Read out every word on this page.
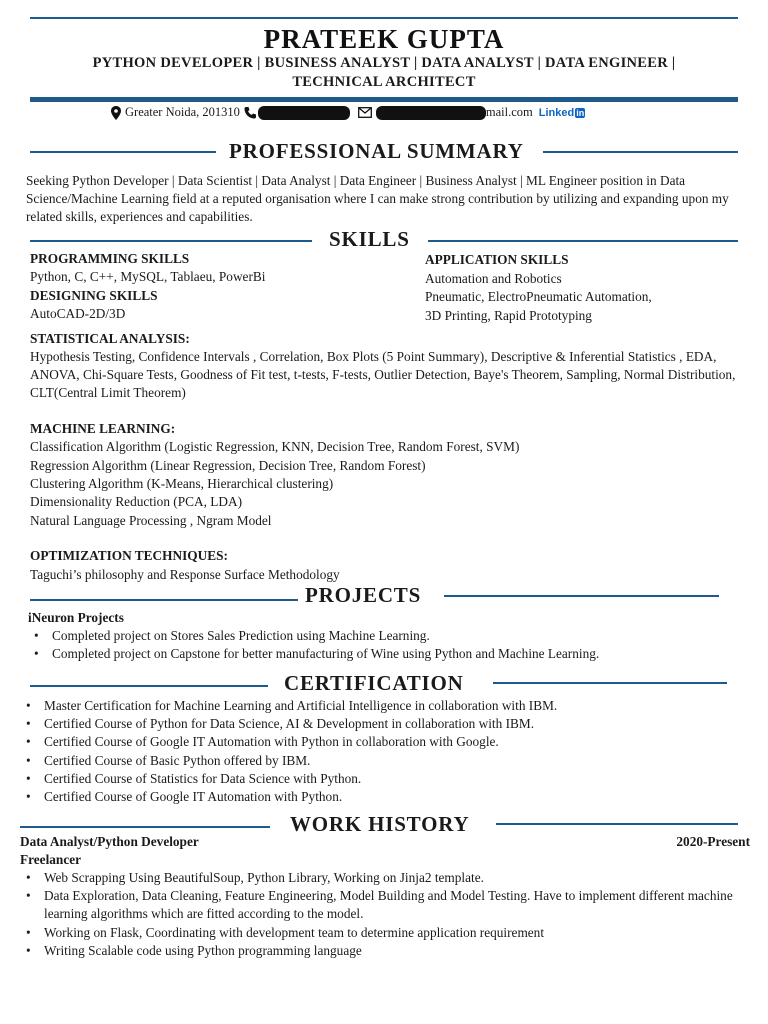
PRATEEK GUPTA
PYTHON DEVELOPER | BUSINESS ANALYST | DATA ANALYST | DATA ENGINEER | TECHNICAL ARCHITECT
Greater Noida, 201310	mail.com Linked in
PROFESSIONAL SUMMARY
Seeking Python Developer | Data Scientist | Data Analyst | Data Engineer | Business Analyst | ML Engineer position in Data Science/Machine Learning field at a reputed organisation where I can make strong contribution by utilizing and expanding upon my related skills, experiences and capabilities.
SKILLS
PROGRAMMING SKILLS
Python, C, C++, MySQL, Tablaeu, PowerBi
DESIGNING SKILLS
AutoCAD-2D/3D
APPLICATION SKILLS
Automation and Robotics
Pneumatic, ElectroPneumatic Automation,
3D Printing, Rapid Prototyping
STATISTICAL ANALYSIS:
Hypothesis Testing, Confidence Intervals , Correlation, Box Plots (5 Point Summary), Descriptive & Inferential Statistics , EDA, ANOVA, Chi-Square Tests, Goodness of Fit test, t-tests, F-tests, Outlier Detection, Baye's Theorem, Sampling, Normal Distribution, CLT(Central Limit Theorem)
MACHINE LEARNING:
Classification Algorithm (Logistic Regression, KNN, Decision Tree, Random Forest, SVM)
Regression Algorithm (Linear Regression, Decision Tree, Random Forest)
Clustering Algorithm (K-Means, Hierarchical clustering)
Dimensionality Reduction (PCA, LDA)
Natural Language Processing , Ngram Model
OPTIMIZATION TECHNIQUES:
Taguchi’s philosophy and Response Surface Methodology
PROJECTS
iNeuron Projects
• Completed project on Stores Sales Prediction using Machine Learning.
• Completed project on Capstone for better manufacturing of Wine using Python and Machine Learning.
CERTIFICATION
• Master Certification for Machine Learning and Artificial Intelligence in collaboration with IBM.
• Certified Course of Python for Data Science, AI & Development in collaboration with IBM.
• Certified Course of Google IT Automation with Python in collaboration with Google.
• Certified Course of Basic Python offered by IBM.
• Certified Course of Statistics for Data Science with Python.
• Certified Course of Google IT Automation with Python.
WORK HISTORY
Data Analyst/Python Developer	2020-Present
Freelancer
• Web Scrapping Using BeautifulSoup, Python Library, Working on Jinja2 template.
• Data Exploration, Data Cleaning, Feature Engineering, Model Building and Model Testing. Have to implement different machine learning algorithms which are fitted according to the model.
• Working on Flask, Coordinating with development team to determine application requirement
• Writing Scalable code using Python programming language
